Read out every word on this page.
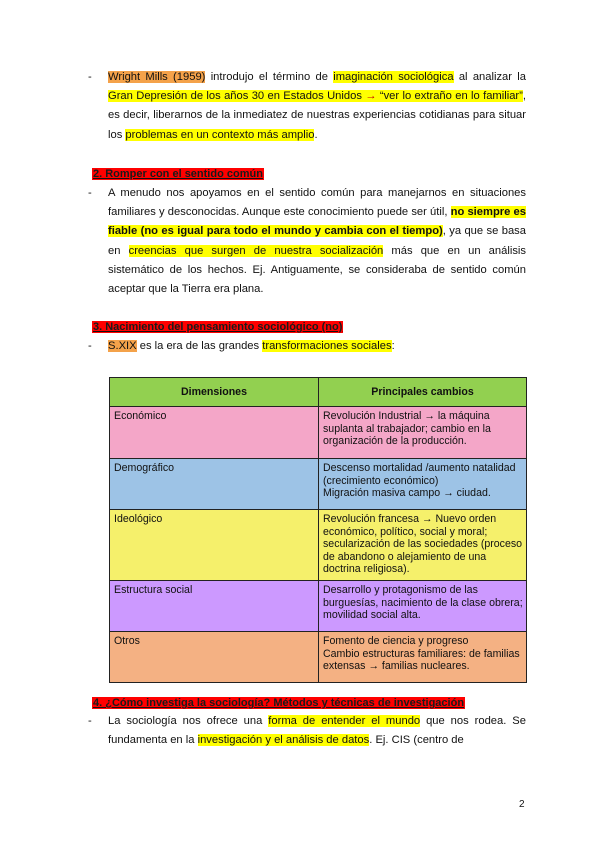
- Wright Mills (1959) introdujo el término de imaginación sociológica al analizar la Gran Depresión de los años 30 en Estados Unidos → “ver lo extraño en lo familiar”, es decir, liberarnos de la inmediatez de nuestras experiencias cotidianas para situar los problemas en un contexto más amplio.
2. Romper con el sentido común
- A menudo nos apoyamos en el sentido común para manejarnos en situaciones familiares y desconocidas. Aunque este conocimiento puede ser útil, no siempre es fiable (no es igual para todo el mundo y cambia con el tiempo), ya que se basa en creencias que surgen de nuestra socialización más que en un análisis sistemático de los hechos. Ej. Antiguamente, se consideraba de sentido común aceptar que la Tierra era plana.
3. Nacimiento del pensamiento sociológico (no)
- S.XIX es la era de las grandes transformaciones sociales:
Dimensiones	Principales cambios
Económico	Revolución Industrial → la máquina suplanta al trabajador; cambio en la organización de la producción.
Demográfico	Descenso mortalidad /aumento natalidad (crecimiento económico)
Migración masiva campo → ciudad.
Ideológico	Revolución francesa → Nuevo orden económico, político, social y moral; secularización de las sociedades (proceso de abandono o alejamiento de una doctrina religiosa).
Estructura social	Desarrollo y protagonismo de las burguesías, nacimiento de la clase obrera; movilidad social alta.
Otros	Fomento de ciencia y progreso
Cambio estructuras familiares: de familias extensas → familias nucleares.
4. ¿Cómo investiga la sociología? Métodos y técnicas de investigación
- La sociología nos ofrece una forma de entender el mundo que nos rodea. Se fundamenta en la investigación y el análisis de datos. Ej. CIS (centro de
2
